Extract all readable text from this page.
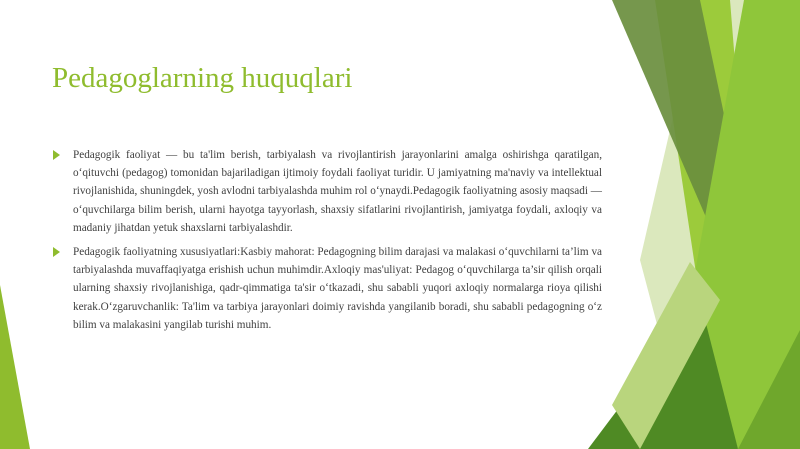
Pedagoglarning huquqlari

Pedagogik faoliyat — bu ta'lim berish, tarbiyalash va rivojlantirish jarayonlarini amalga oshirishga qaratilgan, o‘qituvchi (pedagog) tomonidan bajariladigan ijtimoiy foydali faoliyat turidir. U jamiyatning ma'naviy va intellektual rivojlanishida, shuningdek, yosh avlodni tarbiyalashda muhim rol o‘ynaydi.Pedagogik faoliyatning asosiy maqsadi — o‘quvchilarga bilim berish, ularni hayotga tayyorlash, shaxsiy sifatlarini rivojlantirish, jamiyatga foydali, axloqiy va madaniy jihatdan yetuk shaxslarni tarbiyalashdir.

Pedagogik faoliyatning xususiyatlari:Kasbiy mahorat: Pedagogning bilim darajasi va malakasi o‘quvchilarni ta’lim va tarbiyalashda muvaffaqiyatga erishish uchun muhimdir.Axloqiy mas'uliyat: Pedagog o‘quvchilarga ta’sir qilish orqali ularning shaxsiy rivojlanishiga, qadr-qimmatiga ta'sir o‘tkazadi, shu sababli yuqori axloqiy normalarga rioya qilishi kerak.O‘zgaruvchanlik: Ta'lim va tarbiya jarayonlari doimiy ravishda yangilanib boradi, shu sababli pedagogning o‘z bilim va malakasini yangilab turishi muhim.
